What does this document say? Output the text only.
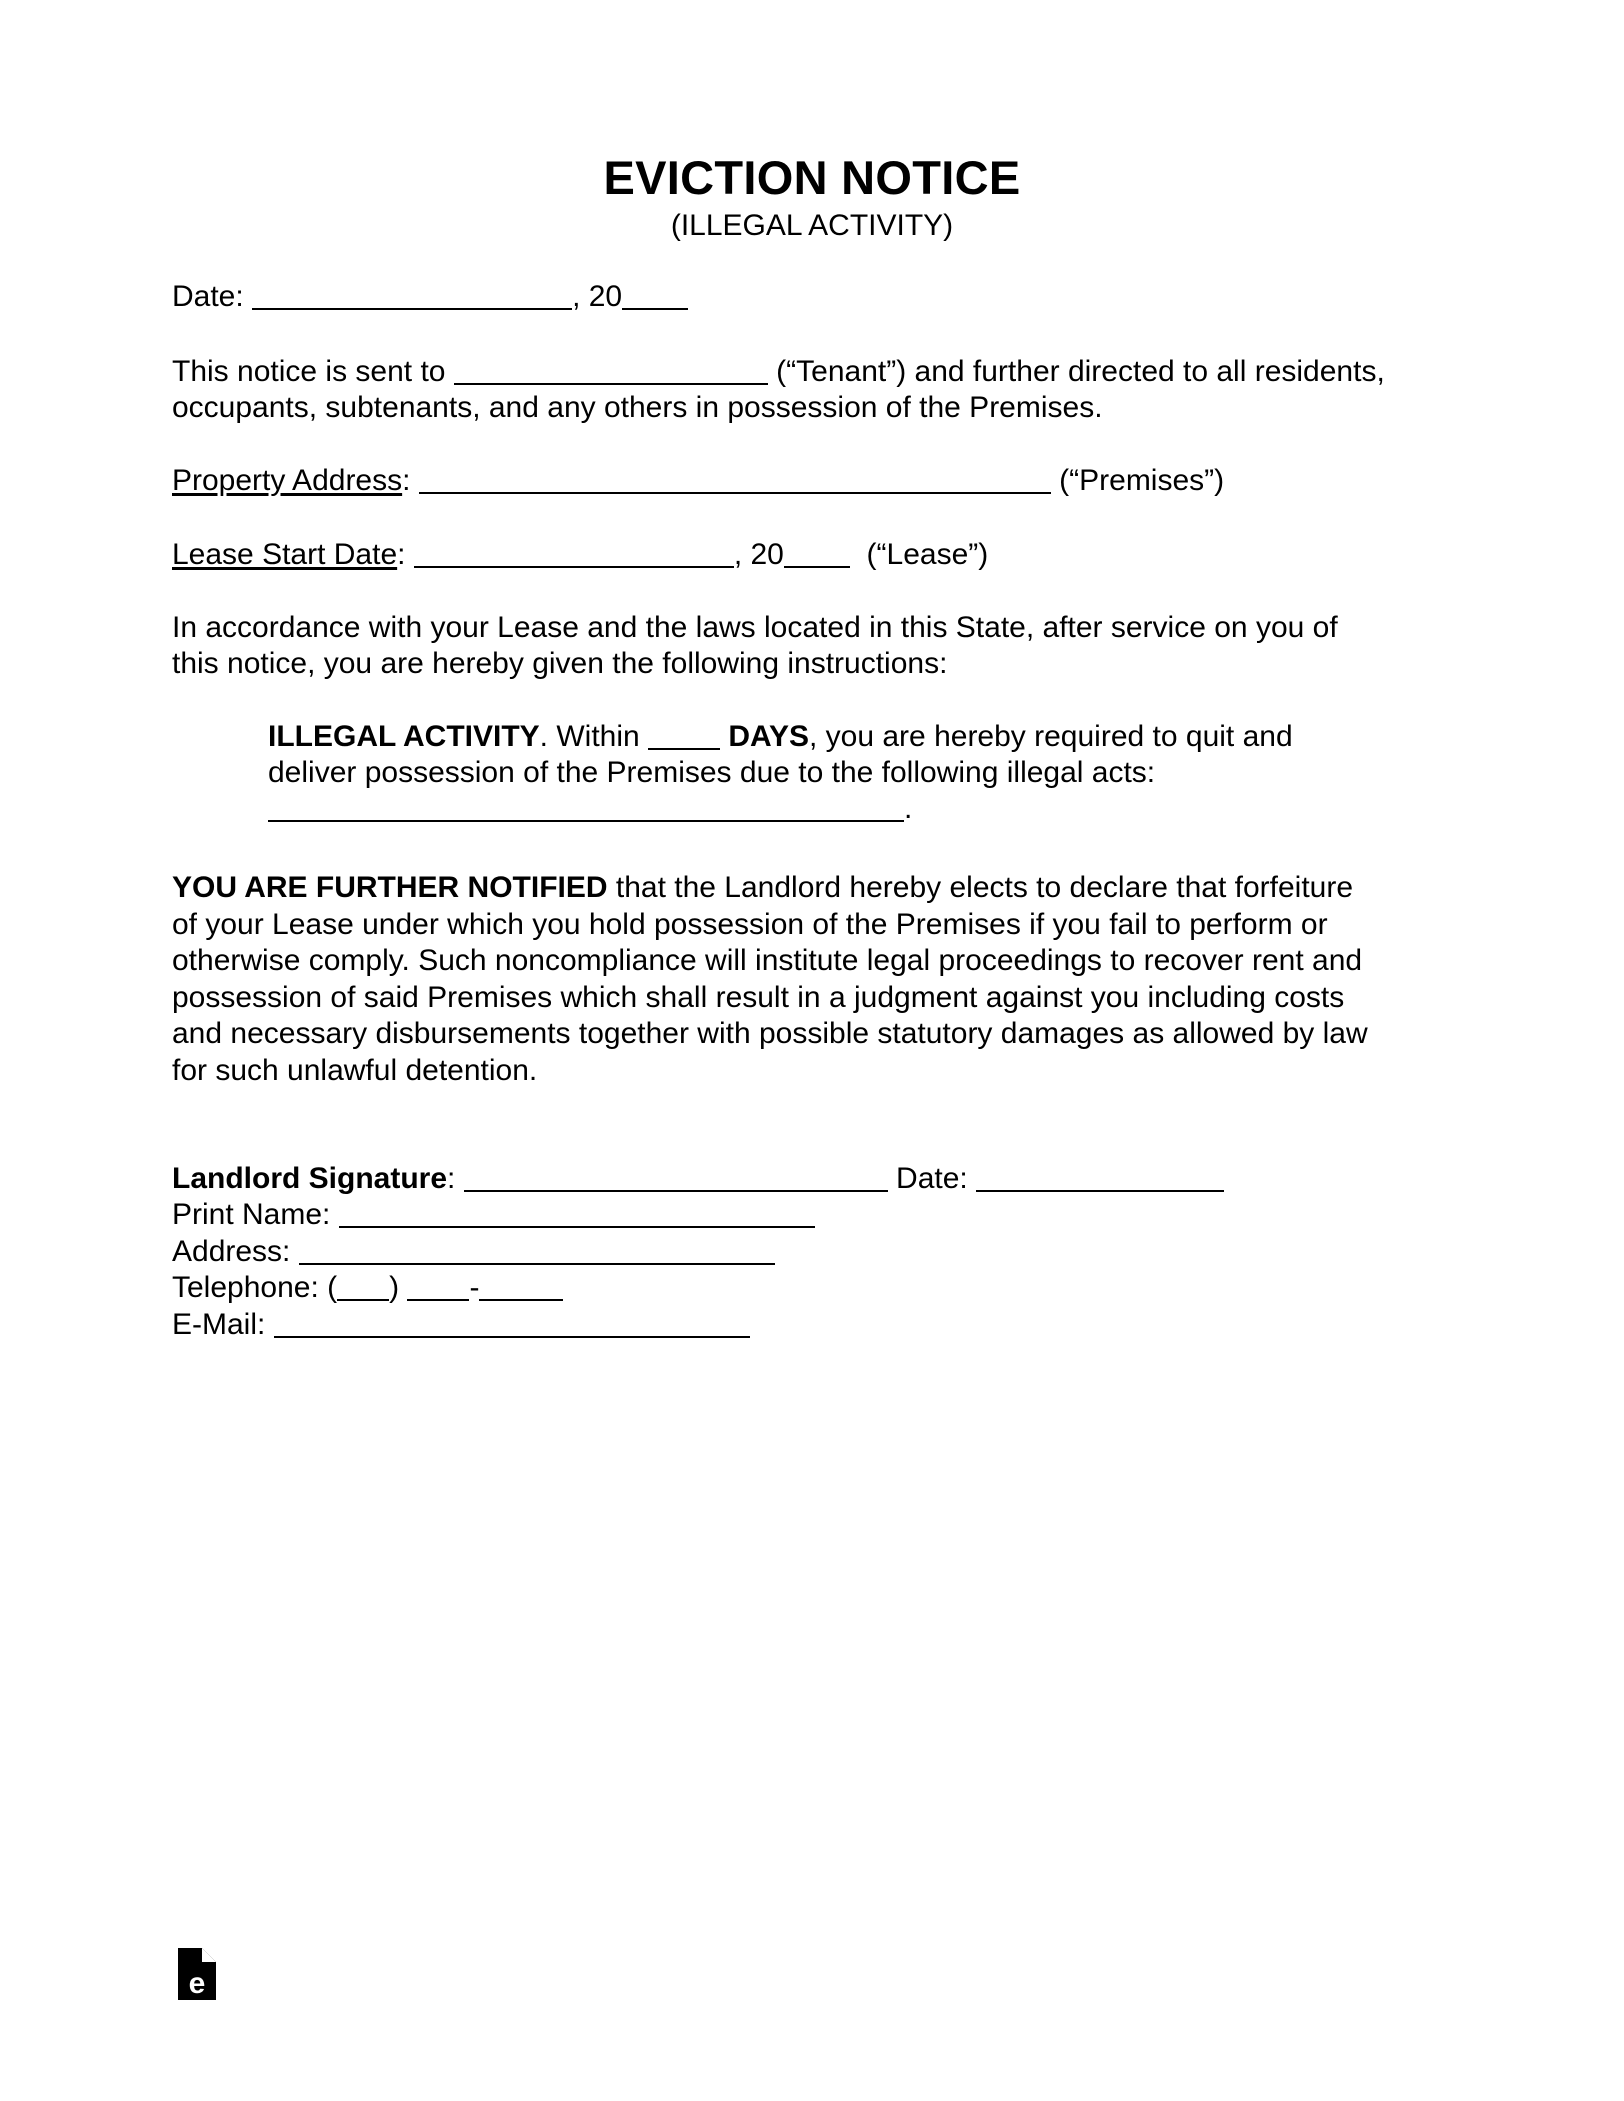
EVICTION NOTICE
(ILLEGAL ACTIVITY)
Date:	, 20
This notice is sent to	(“Tenant”) and further directed to all residents,
occupants, subtenants, and any others in possession of the Premises.
Property Address:	(“Premises”)
Lease Start Date:	, 20	(“Lease”)
In accordance with your Lease and the laws located in this State, after service on you of
this notice, you are hereby given the following instructions:
ILLEGAL ACTIVITY. Within	DAYS, you are hereby required to quit and
deliver possession of the Premises due to the following illegal acts:
.
YOU ARE FURTHER NOTIFIED that the Landlord hereby elects to declare that forfeiture
of your Lease under which you hold possession of the Premises if you fail to perform or
otherwise comply. Such noncompliance will institute legal proceedings to recover rent and
possession of said Premises which shall result in a judgment against you including costs
and necessary disbursements together with possible statutory damages as allowed by law
for such unlawful detention.
Landlord Signature:	Date:
Print Name:
Address:
Telephone: ( ) -
E-Mail:
e
